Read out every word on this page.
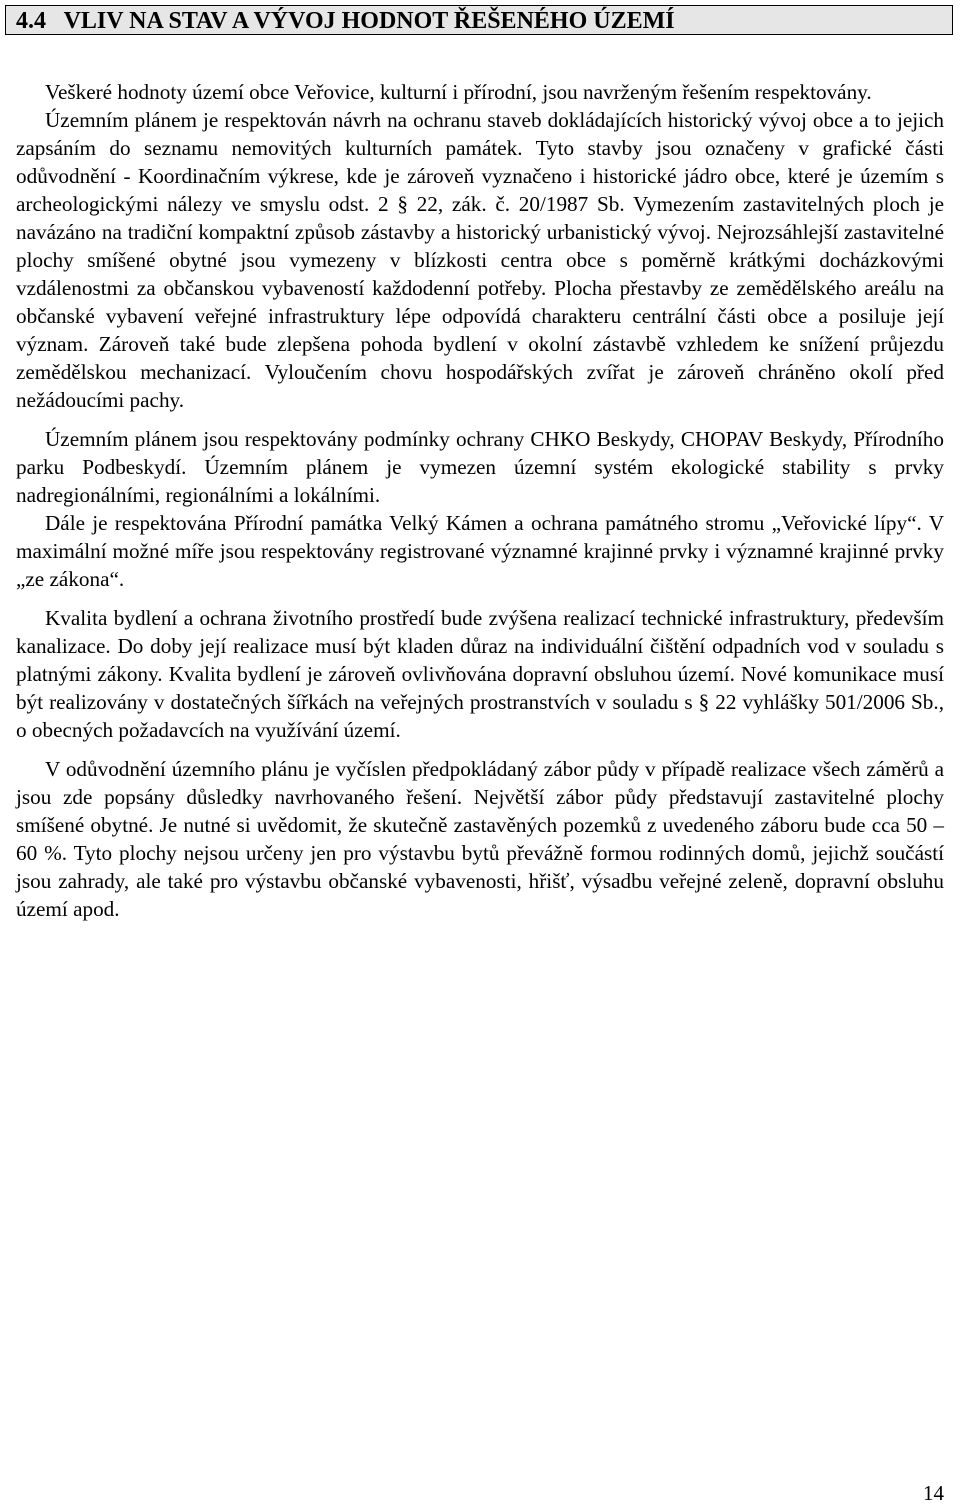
4.4   VLIV NA STAV A VÝVOJ HODNOT ŘEŠENÉHO ÚZEMÍ

Veškeré hodnoty území obce Veřovice, kulturní i přírodní, jsou navrženým řešením respektovány.

Územním plánem je respektován návrh na ochranu staveb dokládajících historický vývoj obce a to jejich zapsáním do seznamu nemovitých kulturních památek. Tyto stavby jsou označeny v grafické části odůvodnění - Koordinačním výkrese, kde je zároveň vyznačeno i historické jádro obce, které je územím s archeologickými nálezy ve smyslu odst. 2 § 22, zák. č. 20/1987 Sb. Vymezením zastavitelných ploch je navázáno na tradiční kompaktní způsob zástavby a historický urbanistický vývoj. Nejrozsáhlejší zastavitelné plochy smíšené obytné jsou vymezeny v blízkosti centra obce s poměrně krátkými docházkovými vzdálenostmi za občanskou vybaveností každodenní potřeby. Plocha přestavby ze zemědělského areálu na občanské vybavení veřejné infrastruktury lépe odpovídá charakteru centrální části obce a posiluje její význam. Zároveň také bude zlepšena pohoda bydlení v okolní zástavbě vzhledem ke snížení průjezdu zemědělskou mechanizací. Vyloučením chovu hospodářských zvířat je zároveň chráněno okolí před nežádoucími pachy.

Územním plánem jsou respektovány podmínky ochrany CHKO Beskydy, CHOPAV Beskydy, Přírodního parku Podbeskydí. Územním plánem je vymezen územní systém ekologické stability s prvky nadregionálními, regionálními a lokálními.

Dále je respektována Přírodní památka Velký Kámen a ochrana památného stromu „Veřovické lípy“. V maximální možné míře jsou respektovány registrované významné krajinné prvky i významné krajinné prvky „ze zákona“.

Kvalita bydlení a ochrana životního prostředí bude zvýšena realizací technické infrastruktury, především kanalizace. Do doby její realizace musí být kladen důraz na individuální čištění odpadních vod v souladu s platnými zákony. Kvalita bydlení je zároveň ovlivňována dopravní obsluhou území. Nové komunikace musí být realizovány v dostatečných šířkách na veřejných prostranstvích v souladu s § 22 vyhlášky 501/2006 Sb., o obecných požadavcích na využívání území.

V odůvodnění územního plánu je vyčíslen předpokládaný zábor půdy v případě realizace všech záměrů a jsou zde popsány důsledky navrhovaného řešení. Největší zábor půdy představují zastavitelné plochy smíšené obytné. Je nutné si uvědomit, že skutečně zastavěných pozemků z uvedeného záboru bude cca 50 – 60 %. Tyto plochy nejsou určeny jen pro výstavbu bytů převážně formou rodinných domů, jejichž součástí jsou zahrady, ale také pro výstavbu občanské vybavenosti, hřišť, výsadbu veřejné zeleně, dopravní obsluhu území apod.

14
